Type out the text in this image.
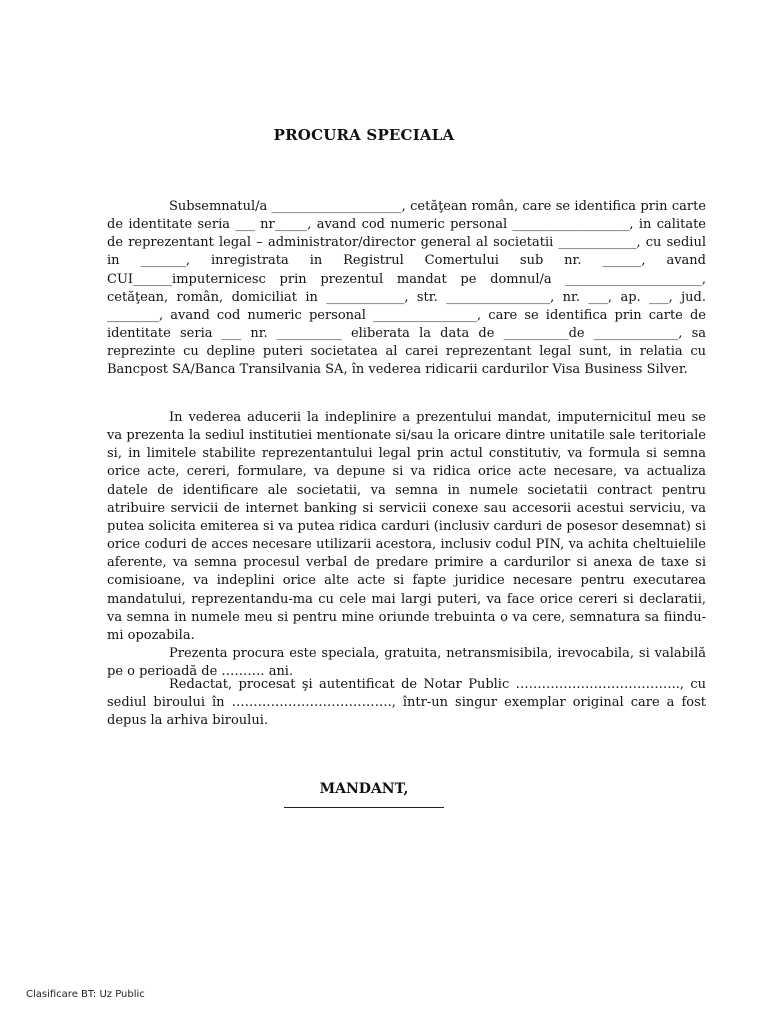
PROCURA SPECIALA

Subsemnatul/a ____________________, cetăţean român, care se identifica prin carte de identitate seria ___ nr_____, avand cod numeric personal __________________, in calitate de reprezentant legal – administrator/director general al societatii ____________, cu sediul in _______, inregistrata in Registrul Comertului sub nr. ______, avand CUI______imputernicesc prin prezentul mandat pe domnul/a _____________________, cetăţean, român, domiciliat in ____________, str. ________________, nr. ___, ap. ___, jud. ________, avand cod numeric personal ________________, care se identifica prin carte de identitate seria ___ nr. __________ eliberata la data de __________de _____________, sa reprezinte cu depline puteri societatea al carei reprezentant legal sunt, in relatia cu Bancpost SA/Banca Transilvania SA, în vederea ridicarii cardurilor Visa Business Silver.

In vederea aducerii la indeplinire a prezentului mandat, imputernicitul meu se va prezenta la sediul institutiei mentionate si/sau la oricare dintre unitatile sale teritoriale si, in limitele stabilite reprezentantului legal prin actul constitutiv, va formula si semna orice acte, cereri, formulare, va depune si va ridica orice acte necesare, va actualiza datele de identificare ale societatii, va semna in numele societatii contract pentru atribuire servicii de internet banking si servicii conexe sau accesorii acestui serviciu, va putea solicita emiterea si va putea ridica carduri (inclusiv carduri de posesor desemnat) si orice coduri de acces necesare utilizarii acestora, inclusiv codul PIN, va achita cheltuielile aferente, va semna procesul verbal de predare primire a cardurilor si anexa de taxe si comisioane, va indeplini orice alte acte si fapte juridice necesare pentru executarea mandatului, reprezentandu-ma cu cele mai largi puteri, va face orice cereri si declaratii, va semna in numele meu si pentru mine oriunde trebuinta o va cere, semnatura sa fiindu-mi opozabila.

Prezenta procura este speciala, gratuita, netransmisibila, irevocabila, si valabilă pe o perioadă de ………. ani.

Redactat, procesat şi autentificat de Notar Public ……………………………….., cu sediul biroului în ………………………………., într-un singur exemplar original care a fost depus la arhiva biroului.

MANDANT,
Clasificare BT: Uz Public
